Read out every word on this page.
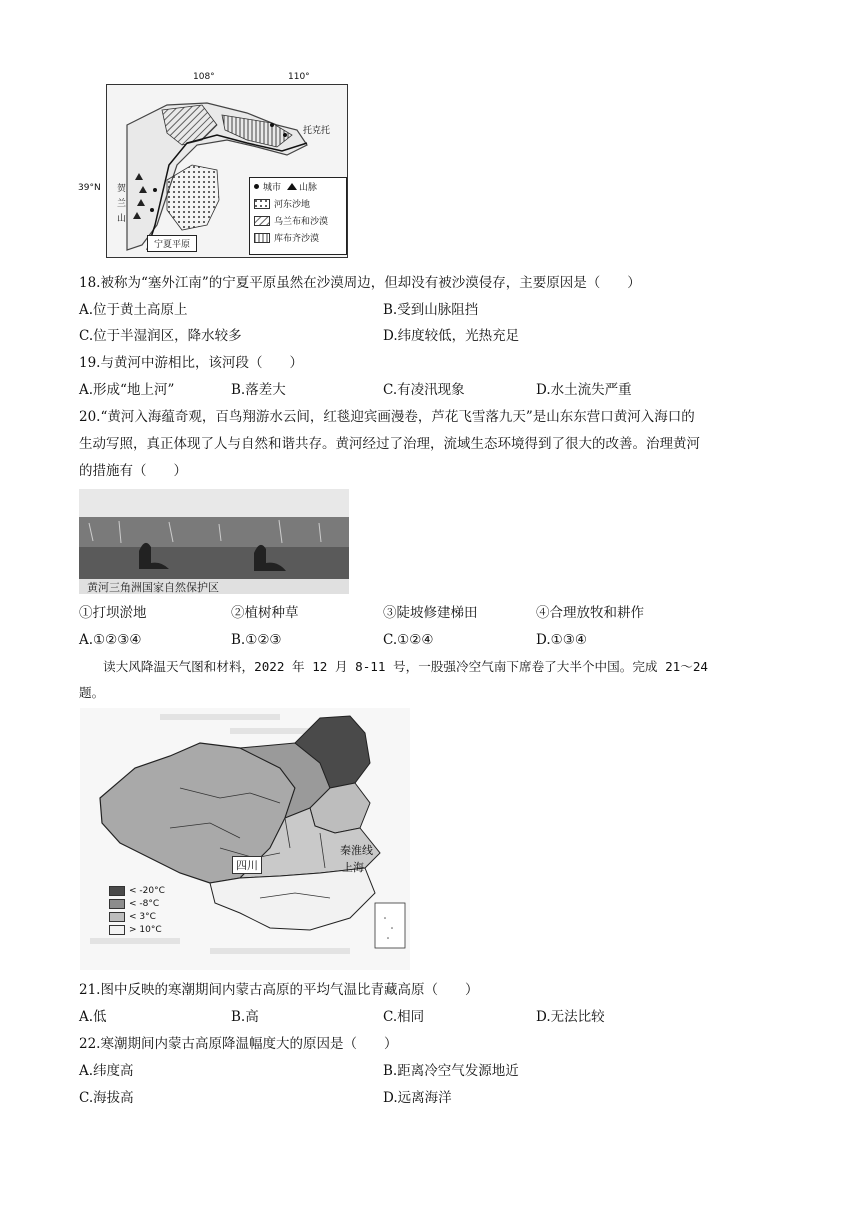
108°	110°
39°N
托克托
贺
兰
山
宁夏平原
城市 山脉
河东沙地
乌兰布和沙漠
库布齐沙漠
18.被称为“塞外江南”的宁夏平原虽然在沙漠周边，但却没有被沙漠侵存，主要原因是（　　）
A.位于黄土高原上	B.受到山脉阻挡
C.位于半湿润区，降水较多	D.纬度较低，光热充足
19.与黄河中游相比，该河段（　　）
A.形成“地上河”	B.落差大	C.有凌汛现象	D.水土流失严重
20.“黄河入海蕴奇观，百鸟翔游水云间，红毯迎宾画漫卷，芦花飞雪落九天”是山东东营口黄河入海口的
生动写照，真正体现了人与自然和谐共存。黄河经过了治理，流域生态环境得到了很大的改善。治理黄河
的措施有（　　）
黄河三角洲国家自然保护区
①打坝淤地	②植树种草	③陡坡修建梯田	④合理放牧和耕作
A.①②③④	B.①②③	C.①②④	D.①③④
读大风降温天气图和材料，2022 年 12 月 8-11 号，一股强冷空气南下席卷了大半个中国。完成 21～24
题。
四川
秦淮线
上海
< -20°C
< -8°C
< 3°C
> 10°C
21.图中反映的寒潮期间内蒙古高原的平均气温比青藏高原（　　）
A.低	B.高	C.相同	D.无法比较
22.寒潮期间内蒙古高原降温幅度大的原因是（　　）
A.纬度高	B.距离冷空气发源地近
C.海拔高	D.远离海洋
